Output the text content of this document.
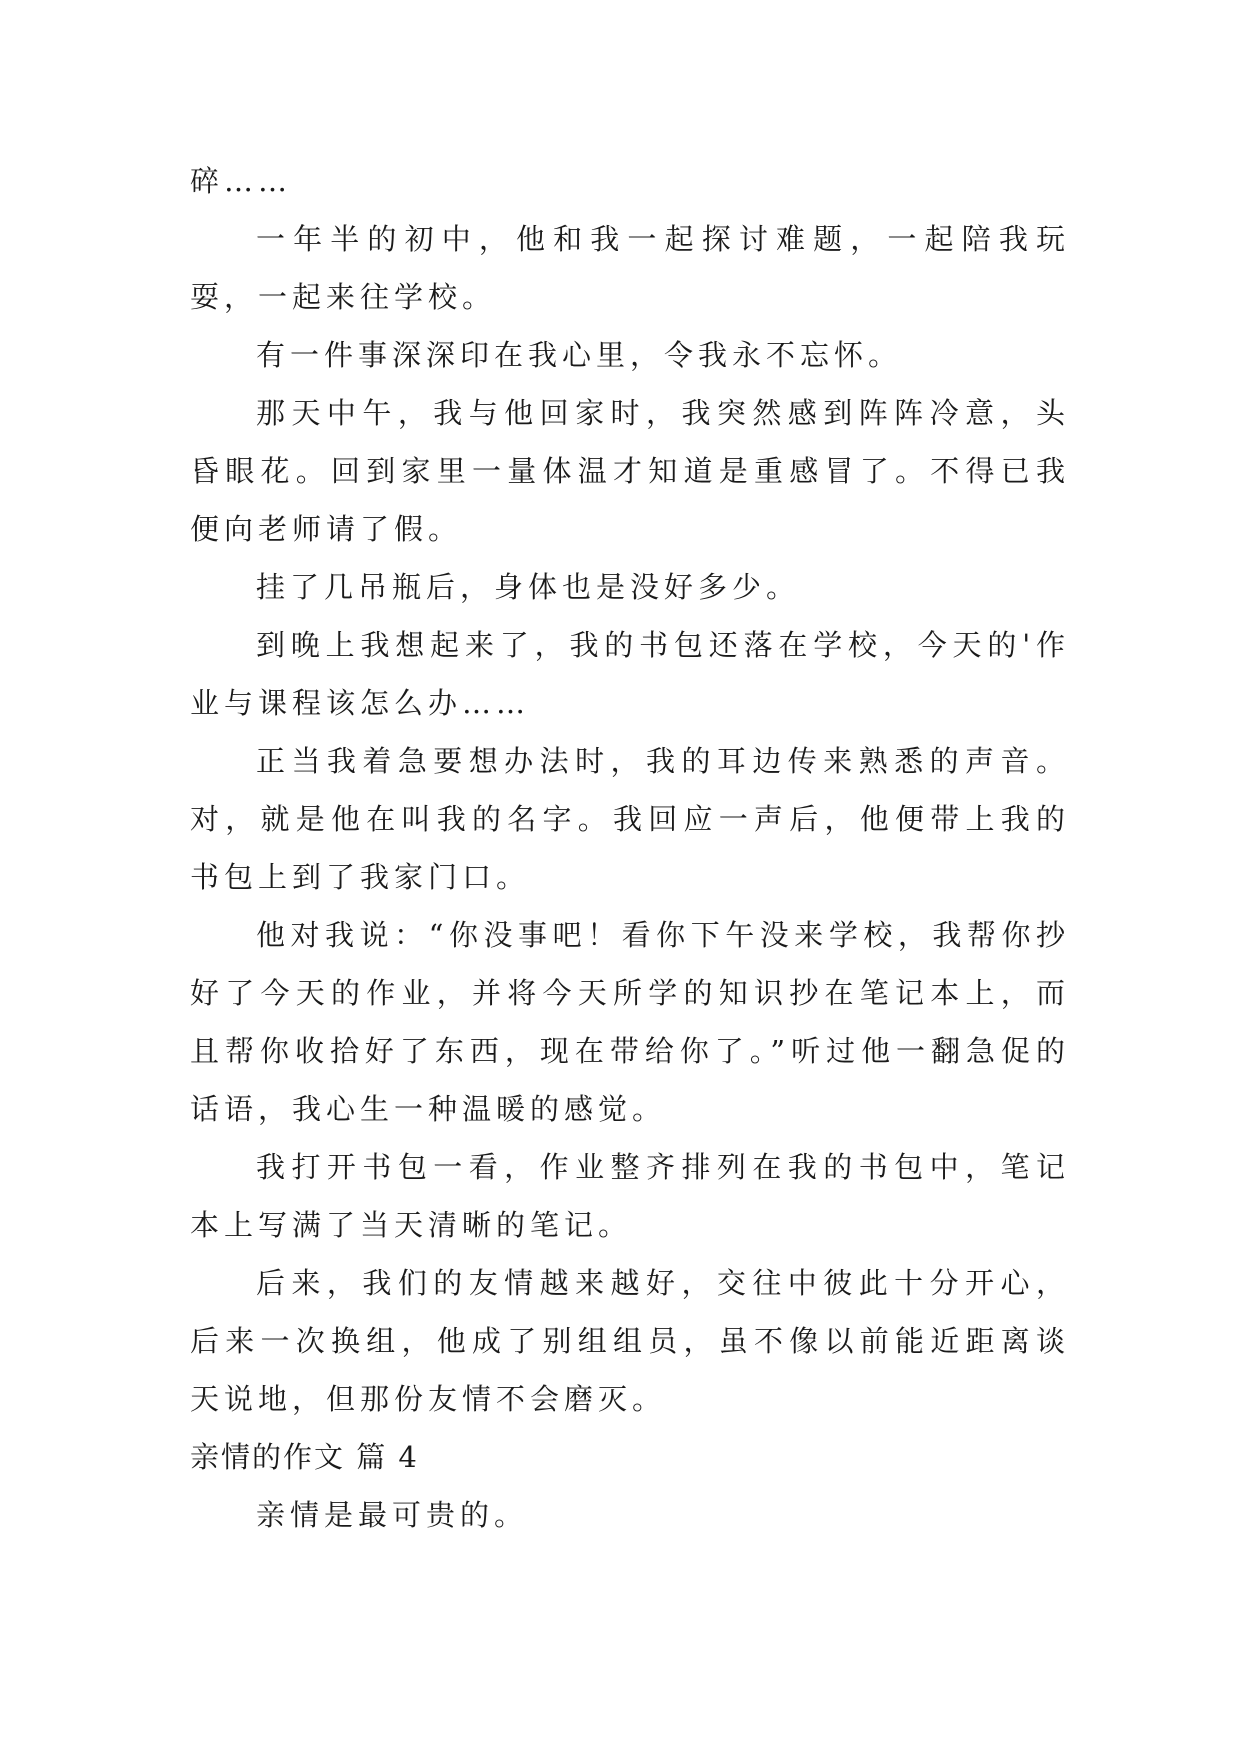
碎……

一年半的初中，他和我一起探讨难题，一起陪我玩耍，一起来往学校。

有一件事深深印在我心里，令我永不忘怀。

那天中午，我与他回家时，我突然感到阵阵冷意，头昏眼花。回到家里一量体温才知道是重感冒了。不得已我便向老师请了假。

挂了几吊瓶后，身体也是没好多少。

到晚上我想起来了，我的书包还落在学校，今天的'作业与课程该怎么办……

正当我着急要想办法时，我的耳边传来熟悉的声音。对，就是他在叫我的名字。我回应一声后，他便带上我的书包上到了我家门口。

他对我说：“你没事吧！看你下午没来学校，我帮你抄好了今天的作业，并将今天所学的知识抄在笔记本上，而且帮你收拾好了东西，现在带给你了。”听过他一翻急促的话语，我心生一种温暖的感觉。

我打开书包一看，作业整齐排列在我的书包中，笔记本上写满了当天清晰的笔记。

后来，我们的友情越来越好，交往中彼此十分开心，后来一次换组，他成了别组组员，虽不像以前能近距离谈天说地，但那份友情不会磨灭。

亲情的作文 篇 4

亲情是最可贵的。
